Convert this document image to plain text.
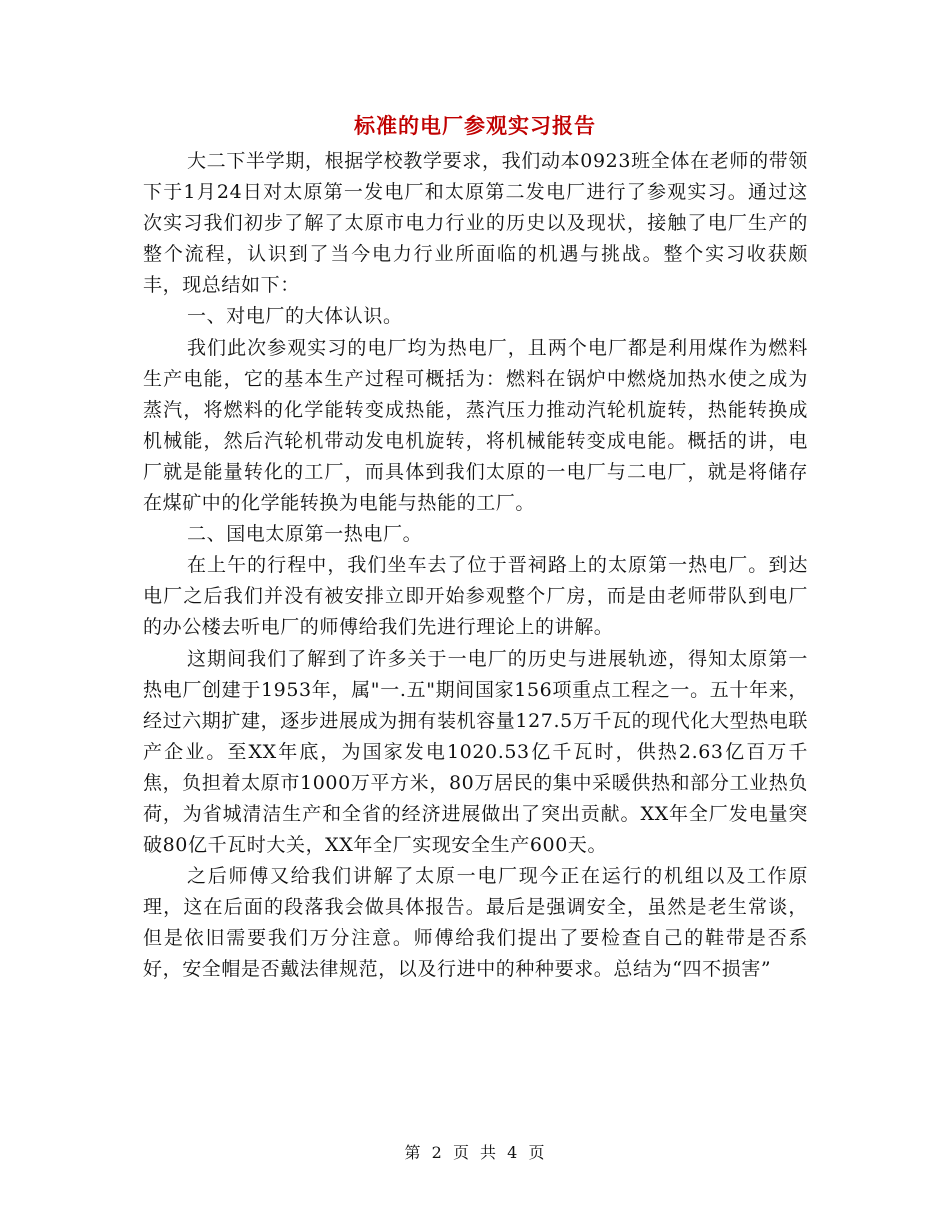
标准的电厂参观实习报告

大二下半学期，根据学校教学要求，我们动本0923班全体在老师的带领下于1月24日对太原第一发电厂和太原第二发电厂进行了参观实习。通过这次实习我们初步了解了太原市电力行业的历史以及现状，接触了电厂生产的整个流程，认识到了当今电力行业所面临的机遇与挑战。整个实习收获颇丰，现总结如下：

一、对电厂的大体认识。

我们此次参观实习的电厂均为热电厂，且两个电厂都是利用煤作为燃料生产电能，它的基本生产过程可概括为：燃料在锅炉中燃烧加热水使之成为蒸汽，将燃料的化学能转变成热能，蒸汽压力推动汽轮机旋转，热能转换成机械能，然后汽轮机带动发电机旋转，将机械能转变成电能。概括的讲，电厂就是能量转化的工厂，而具体到我们太原的一电厂与二电厂，就是将储存在煤矿中的化学能转换为电能与热能的工厂。

二、国电太原第一热电厂。

在上午的行程中，我们坐车去了位于晋祠路上的太原第一热电厂。到达电厂之后我们并没有被安排立即开始参观整个厂房，而是由老师带队到电厂的办公楼去听电厂的师傅给我们先进行理论上的讲解。

这期间我们了解到了许多关于一电厂的历史与进展轨迹，得知太原第一热电厂创建于1953年，属"一.五"期间国家156项重点工程之一。五十年来，经过六期扩建，逐步进展成为拥有装机容量127.5万千瓦的现代化大型热电联产企业。至XX年底，为国家发电1020.53亿千瓦时，供热2.63亿百万千焦，负担着太原市1000万平方米，80万居民的集中采暖供热和部分工业热负荷，为省城清洁生产和全省的经济进展做出了突出贡献。XX年全厂发电量突破80亿千瓦时大关，XX年全厂实现安全生产600天。

之后师傅又给我们讲解了太原一电厂现今正在运行的机组以及工作原理，这在后面的段落我会做具体报告。最后是强调安全，虽然是老生常谈，但是依旧需要我们万分注意。师傅给我们提出了要检查自己的鞋带是否系好，安全帽是否戴法律规范，以及行进中的种种要求。总结为“四不损害”

第 2 页 共 4 页
